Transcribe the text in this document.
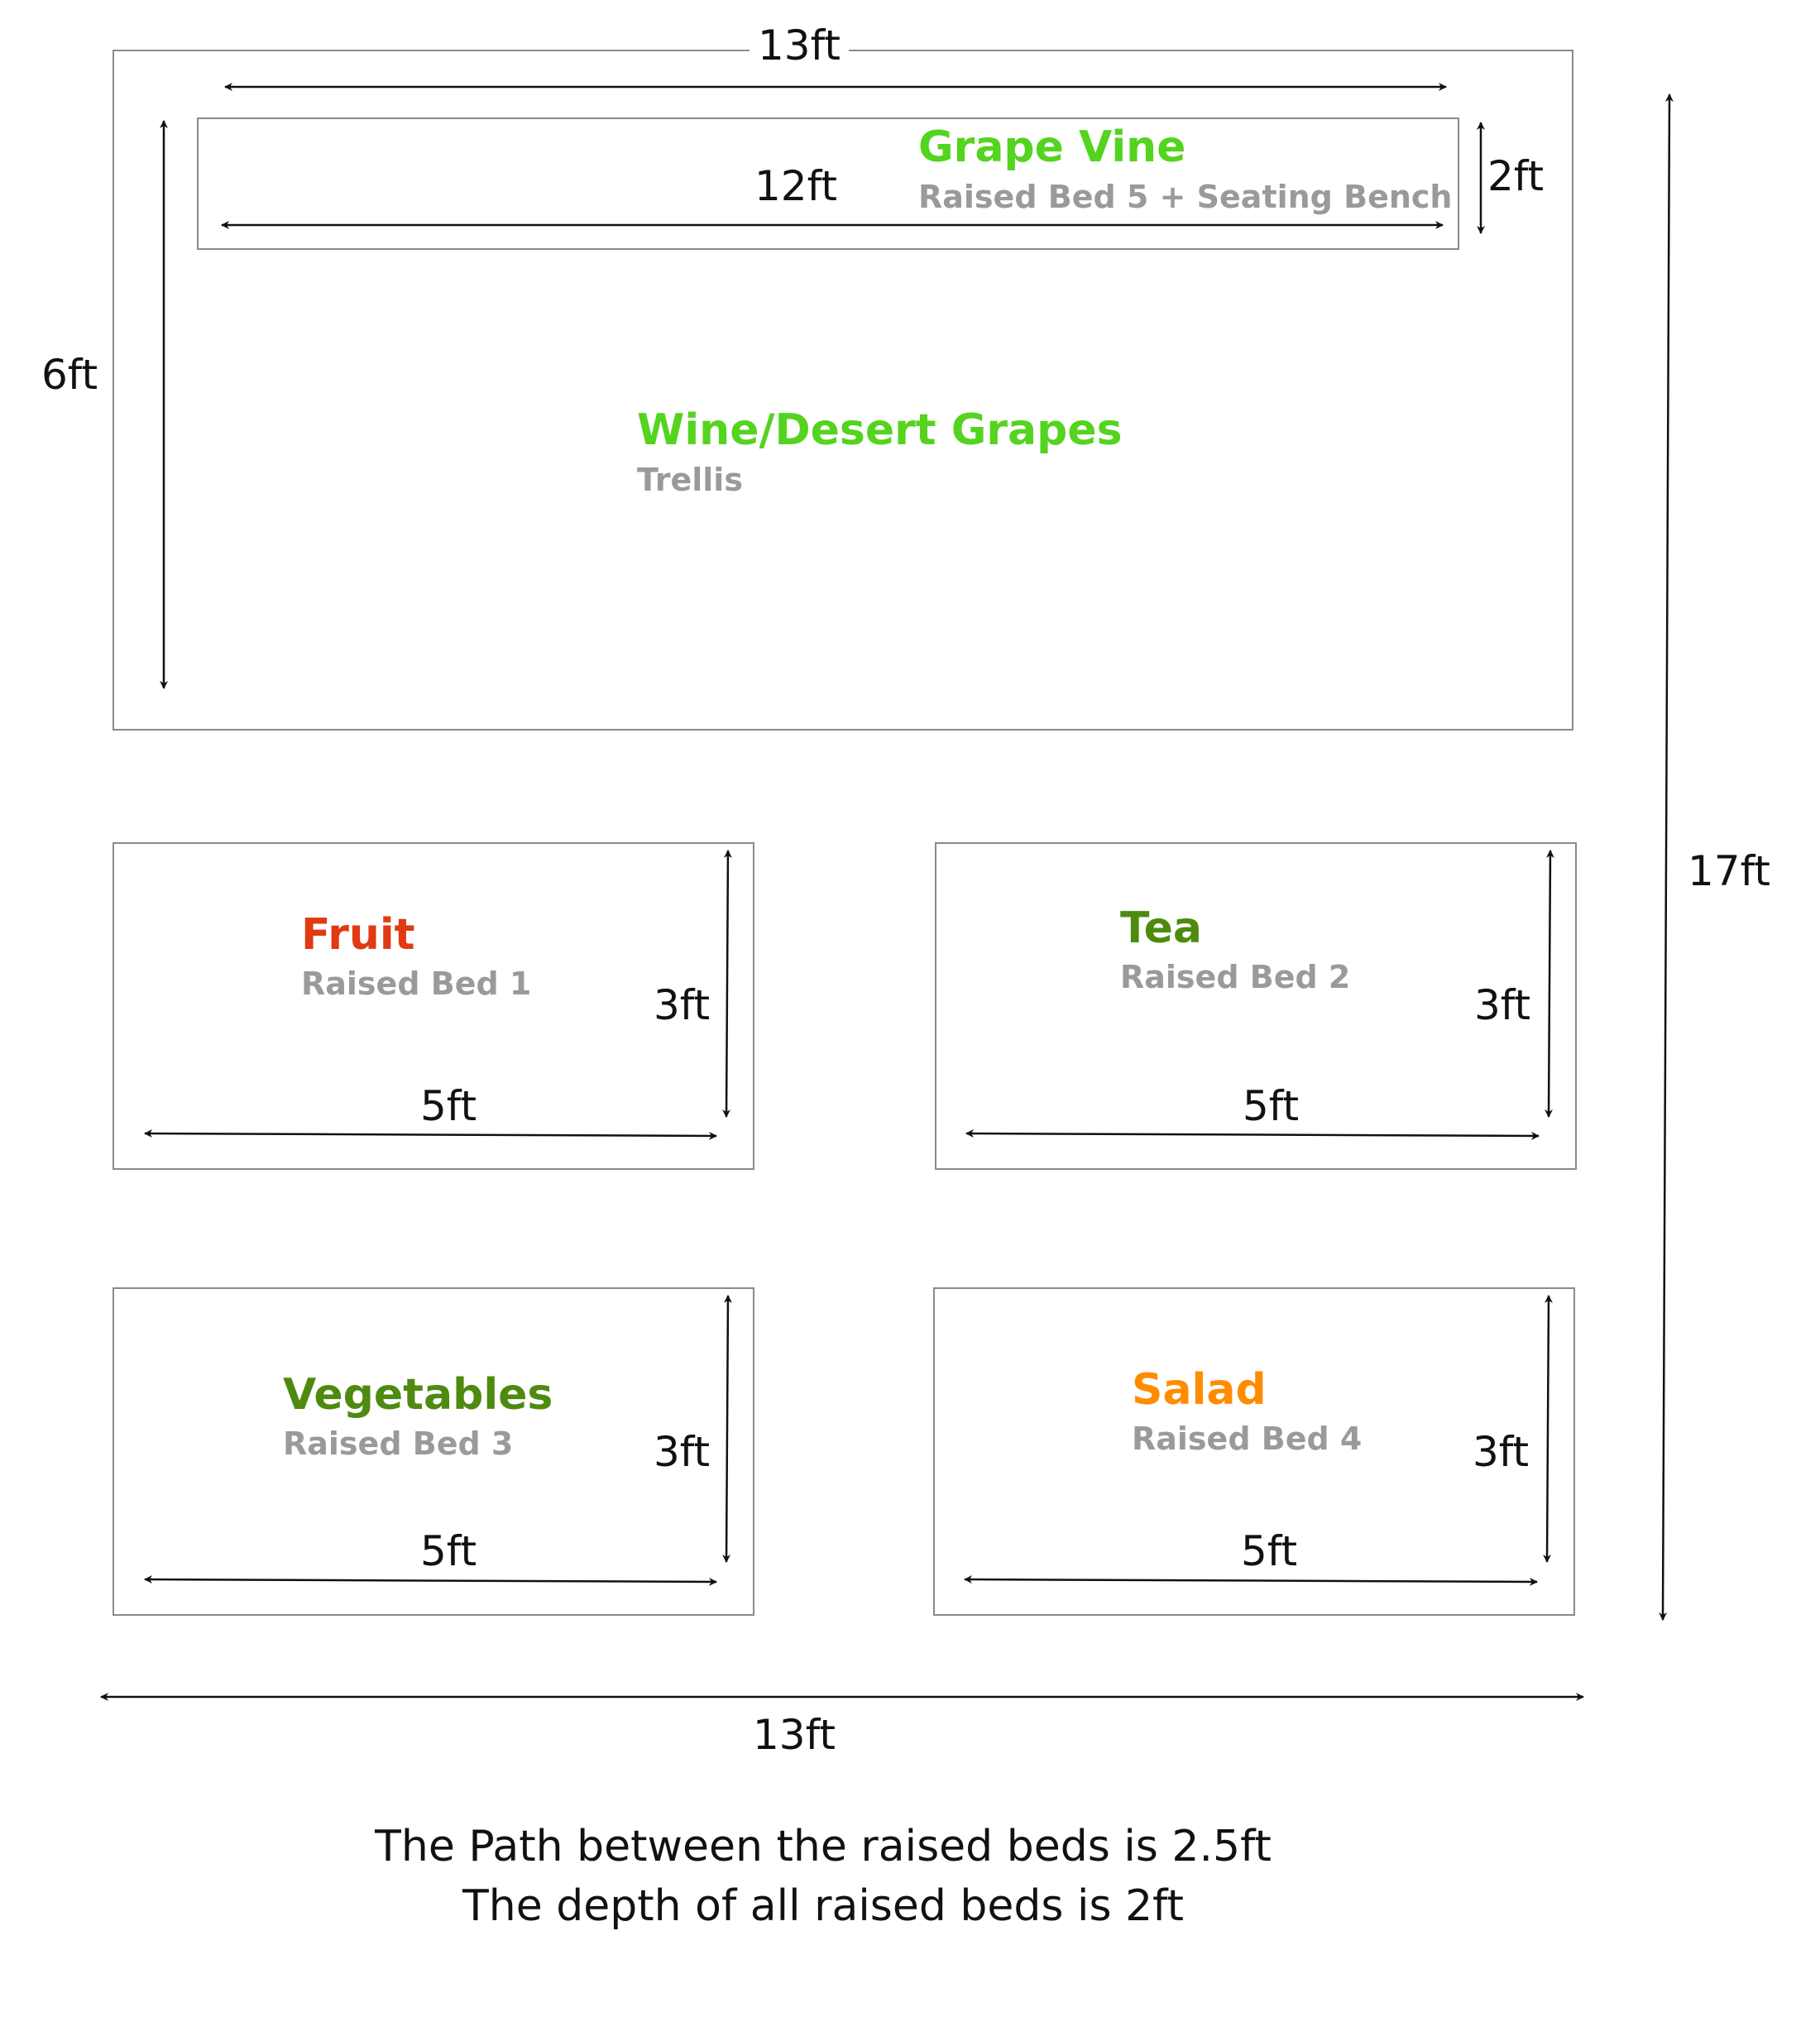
13ft
13ft
17ft
6ft
Grape Vine
Raised Bed 5 + Seating Bench
12ft	2ft
Wine/Desert Grapes
Trellis
Fruit
Raised Bed 1	3ft
5ft
Tea
Raised Bed 2
3ft
5ft
Vegetables
Raised Bed 3	3ft
5ft
Salad
Raised Bed 4	3ft
5ft
The Path between the raised beds is 2.5ft
The depth of all raised beds is 2ft
